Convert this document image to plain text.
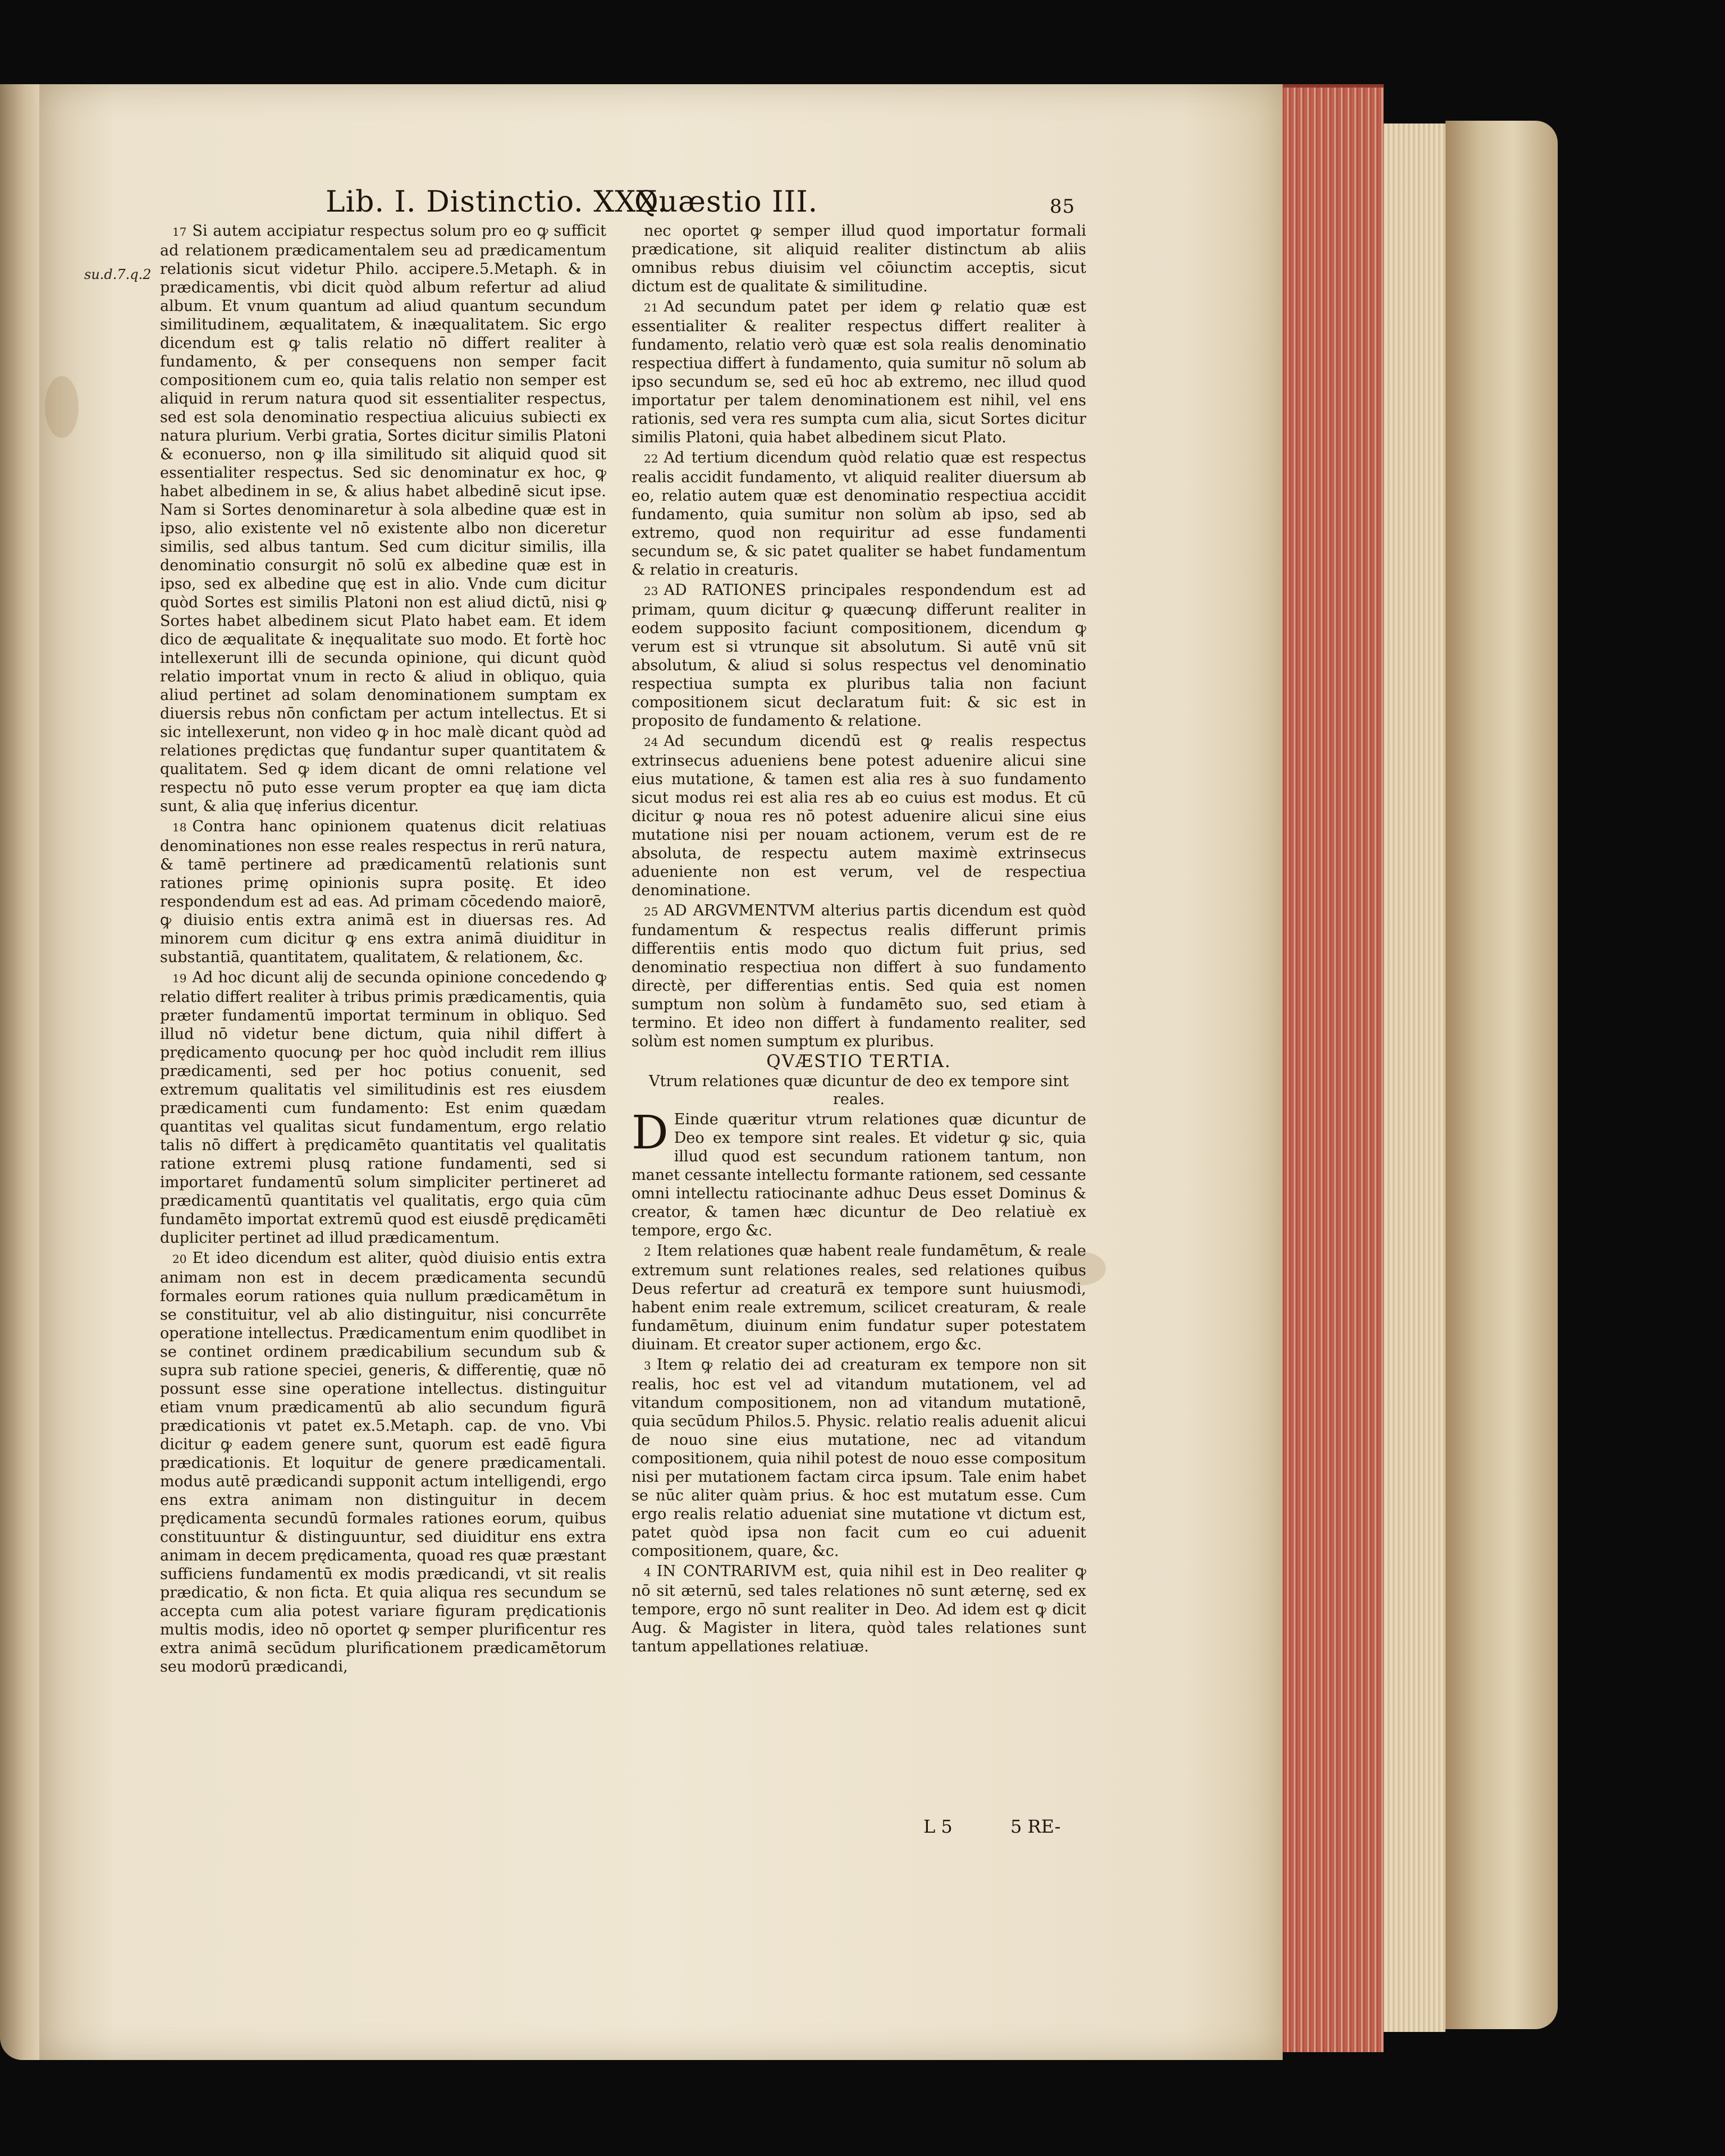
Lib. I. Distinctio. XXX.
Quæstio III.	85
su.d.7.q.2

17 Si autem accipiatur respectus solum pro eo ꝙ sufficit ad relationem prædicamentalem seu ad prædicamentum relationis sicut videtur Philo. accipere.5.Metaph. & in prædicamentis, vbi dicit quòd album refertur ad aliud album. Et vnum quantum ad aliud quantum secundum similitudinem, æqualitatem, & inæqualitatem. Sic ergo dicendum est ꝙ talis relatio nō differt realiter à fundamento, & per consequens non semper facit compositionem cum eo, quia talis relatio non semper est aliquid in rerum natura quod sit essentialiter respectus, sed est sola denominatio respectiua alicuius subiecti ex natura plurium. Verbi gratia, Sortes dicitur similis Platoni & econuerso, non ꝙ illa similitudo sit aliquid quod sit essentialiter respectus. Sed sic denominatur ex hoc, ꝙ habet albedinem in se, & alius habet albedinē sicut ipse. Nam si Sortes denominaretur à sola albedine quæ est in ipso, alio existente vel nō existente albo non diceretur similis, sed albus tantum. Sed cum dicitur similis, illa denominatio consurgit nō solū ex albedine quæ est in ipso, sed ex albedine quę est in alio. Vnde cum dicitur quòd Sortes est similis Platoni non est aliud dictū, nisi ꝙ Sortes habet albedinem sicut Plato habet eam. Et idem dico de æqualitate & inęqualitate suo modo. Et fortè hoc intellexerunt illi de secunda opinione, qui dicunt quòd relatio importat vnum in recto & aliud in obliquo, quia aliud pertinet ad solam denominationem sumptam ex diuersis rebus nōn confictam per actum intellectus. Et si sic intellexerunt, non video ꝙ in hoc malè dicant quòd ad relationes prędictas quę fundantur super quantitatem & qualitatem. Sed ꝙ idem dicant de omni relatione vel respectu nō puto esse verum propter ea quę iam dicta sunt, & alia quę inferius dicentur.

18 Contra hanc opinionem quatenus dicit relatiuas denominationes non esse reales respectus in rerū natura, & tamē pertinere ad prædicamentū relationis sunt rationes primę opinionis supra positę. Et ideo respondendum est ad eas. Ad primam cōcedendo maiorē, ꝙ diuisio entis extra animā est in diuersas res. Ad minorem cum dicitur ꝙ ens extra animā diuiditur in substantiā, quantitatem, qualitatem, & relationem, &c.

19 Ad hoc dicunt alij de secunda opinione concedendo ꝙ relatio differt realiter à tribus primis prædicamentis, quia præter fundamentū importat terminum in obliquo. Sed illud nō videtur bene dictum, quia nihil differt à prędicamento quocunꝙ per hoc quòd includit rem illius prædicamenti, sed per hoc potius conuenit, sed extremum qualitatis vel similitudinis est res eiusdem prædicamenti cum fundamento: Est enim quædam quantitas vel qualitas sicut fundamentum, ergo relatio talis nō differt à prędicamēto quantitatis vel qualitatis ratione extremi plusꝗ ratione fundamenti, sed si importaret fundamentū solum simpliciter pertineret ad prædicamentū quantitatis vel qualitatis, ergo quia cūm fundamēto importat extremū quod est eiusdē prędicamēti dupliciter pertinet ad illud prædicamentum.

20 Et ideo dicendum est aliter, quòd diuisio entis extra animam non est in decem prædicamenta secundū formales eorum rationes quia nullum prædicamētum in se constituitur, vel ab alio distinguitur, nisi concurrēte operatione intellectus. Prædicamentum enim quodlibet in se continet ordinem prædicabilium secundum sub & supra sub ratione speciei, generis, & differentię, quæ nō possunt esse sine operatione intellectus. distinguitur etiam vnum prædicamentū ab alio secundum figurā prædicationis vt patet ex.5.Metaph. cap. de vno. Vbi dicitur ꝙ eadem genere sunt, quorum est eadē figura prædicationis. Et loquitur de genere prædicamentali. modus autē prædicandi supponit actum intelligendi, ergo ens extra animam non distinguitur in decem prędicamenta secundū formales rationes eorum, quibus constituuntur & distinguuntur, sed diuiditur ens extra animam in decem prędicamenta, quoad res quæ præstant sufficiens fundamentū ex modis prædicandi, vt sit realis prædicatio, & non ficta. Et quia aliqua res secundum se accepta cum alia potest variare figuram prędicationis multis modis, ideo nō oportet ꝙ semper plurificentur res extra animā secūdum plurificationem prædicamētorum seu modorū prædicandi,

nec oportet ꝙ semper illud quod importatur formali prædicatione, sit aliquid realiter distinctum ab aliis omnibus rebus diuisim vel cōiunctim acceptis, sicut dictum est de qualitate & similitudine.

21 Ad secundum patet per idem ꝙ relatio quæ est essentialiter & realiter respectus differt realiter à fundamento, relatio verò quæ est sola realis denominatio respectiua differt à fundamento, quia sumitur nō solum ab ipso secundum se, sed eū hoc ab extremo, nec illud quod importatur per talem denominationem est nihil, vel ens rationis, sed vera res sumpta cum alia, sicut Sortes dicitur similis Platoni, quia habet albedinem sicut Plato.

22 Ad tertium dicendum quòd relatio quæ est respectus realis accidit fundamento, vt aliquid realiter diuersum ab eo, relatio autem quæ est denominatio respectiua accidit fundamento, quia sumitur non solùm ab ipso, sed ab extremo, quod non requiritur ad esse fundamenti secundum se, & sic patet qualiter se habet fundamentum & relatio in creaturis.

23 AD RATIONES principales respondendum est ad primam, quum dicitur ꝙ quæcunꝙ differunt realiter in eodem supposito faciunt compositionem, dicendum ꝙ verum est si vtrunque sit absolutum. Si autē vnū sit absolutum, & aliud si solus respectus vel denominatio respectiua sumpta ex pluribus talia non faciunt compositionem sicut declaratum fuit: & sic est in proposito de fundamento & relatione.

24 Ad secundum dicendū est ꝙ realis respectus extrinsecus adueniens bene potest aduenire alicui sine eius mutatione, & tamen est alia res à suo fundamento sicut modus rei est alia res ab eo cuius est modus. Et cū dicitur ꝙ noua res nō potest aduenire alicui sine eius mutatione nisi per nouam actionem, verum est de re absoluta, de respectu autem maximè extrinsecus adueniente non est verum, vel de respectiua denominatione.

25 AD ARGVMENTVM alterius partis dicendum est quòd fundamentum & respectus realis differunt primis differentiis entis modo quo dictum fuit prius, sed denominatio respectiua non differt à suo fundamento directè, per differentias entis. Sed quia est nomen sumptum non solùm à fundamēto suo, sed etiam à termino. Et ideo non differt à fundamento realiter, sed solùm est nomen sumptum ex pluribus.

QVÆSTIO TERTIA.

Vtrum relationes quæ dicuntur de deo ex tempore sint reales.

D Einde quæritur vtrum relationes quæ dicuntur de Deo ex tempore sint reales. Et videtur ꝙ sic, quia illud quod est secundum rationem tantum, non manet cessante intellectu formante rationem, sed cessante omni intellectu ratiocinante adhuc Deus esset Dominus & creator, & tamen hæc dicuntur de Deo relatiuè ex tempore, ergo &c.

2 Item relationes quæ habent reale fundamētum, & reale extremum sunt relationes reales, sed relationes quibus Deus refertur ad creaturā ex tempore sunt huiusmodi, habent enim reale extremum, scilicet creaturam, & reale fundamētum, diuinum enim fundatur super potestatem diuinam. Et creator super actionem, ergo &c.

3 Item ꝙ relatio dei ad creaturam ex tempore non sit realis, hoc est vel ad vitandum mutationem, vel ad vitandum compositionem, non ad vitandum mutationē, quia secūdum Philos.5. Physic. relatio realis aduenit alicui de nouo sine eius mutatione, nec ad vitandum compositionem, quia nihil potest de nouo esse compositum nisi per mutationem factam circa ipsum. Tale enim habet se nūc aliter quàm prius. & hoc est mutatum esse. Cum ergo realis relatio adueniat sine mutatione vt dictum est, patet quòd ipsa non facit cum eo cui aduenit compositionem, quare, &c.

4 IN CONTRARIVM est, quia nihil est in Deo realiter ꝙ nō sit æternū, sed tales relationes nō sunt æternę, sed ex tempore, ergo nō sunt realiter in Deo. Ad idem est ꝙ dicit Aug. & Magister in litera, quòd tales relationes sunt tantum appellationes relatiuæ.

L 5	5 RE-
